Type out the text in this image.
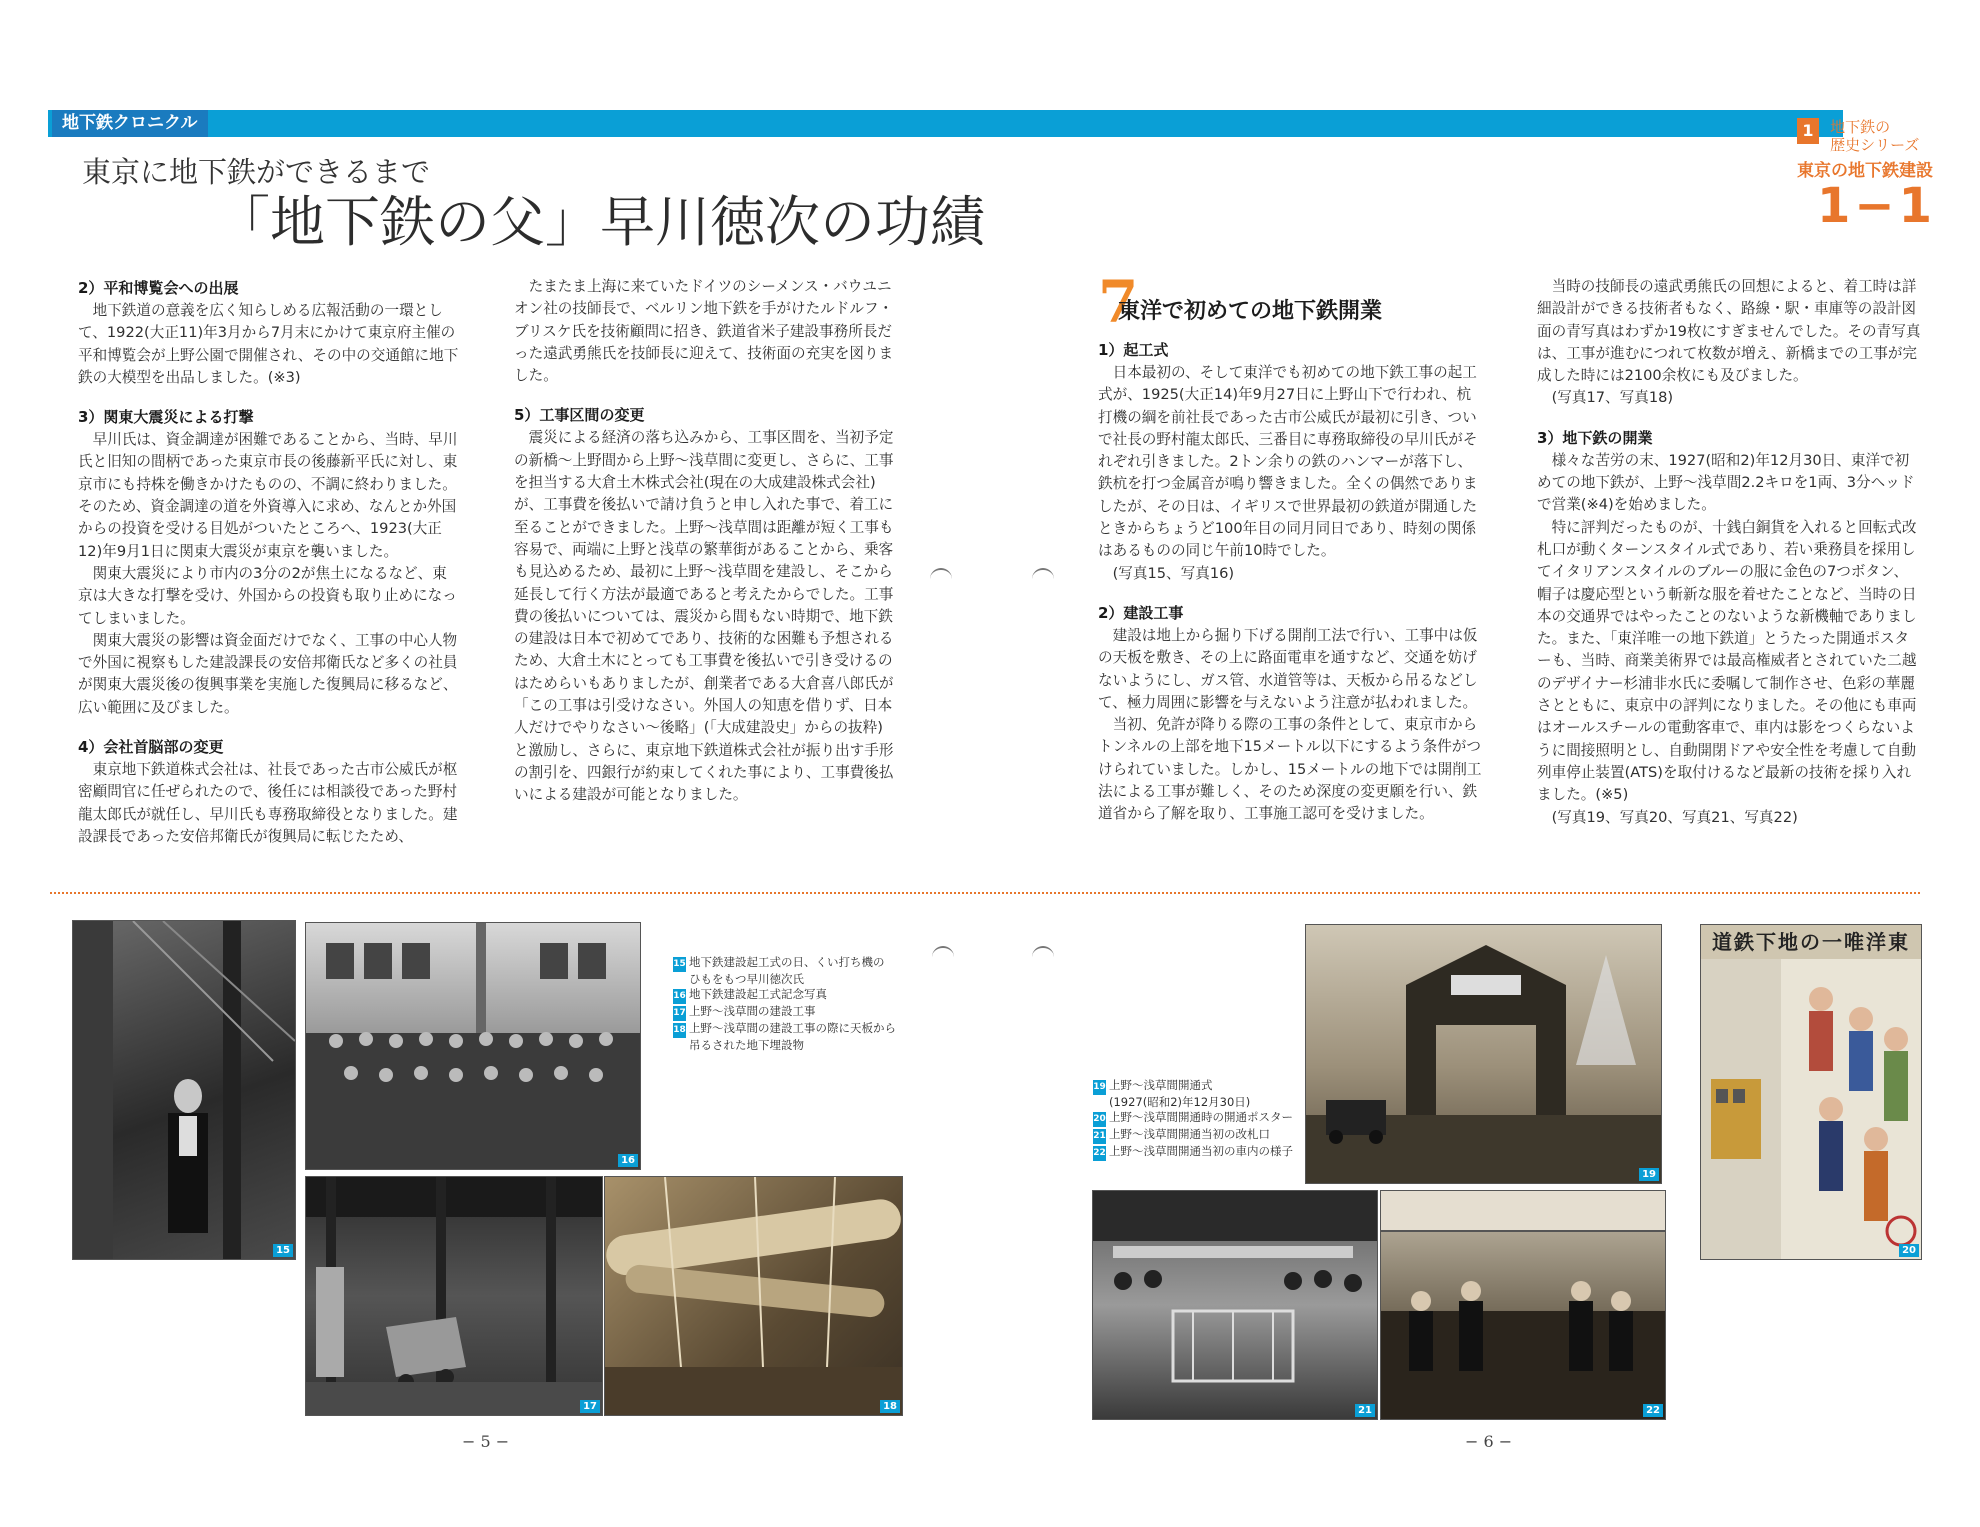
地下鉄クロニクル
東京に地下鉄ができるまで
「地下鉄の父」早川徳次の功績
1 地下鉄の
歴史シリーズ
東京の地下鉄建設
1−1
2）平和博覧会への出展

地下鉄道の意義を広く知らしめる広報活動の一環として、1922(大正11)年3月から7月末にかけて東京府主催の平和博覧会が上野公園で開催され、その中の交通館に地下鉄の大模型を出品しました。(※3)

3）関東大震災による打撃

早川氏は、資金調達が困難であることから、当時、早川氏と旧知の間柄であった東京市長の後藤新平氏に対し、東京市にも持株を働きかけたものの、不調に終わりました。そのため、資金調達の道を外資導入に求め、なんとか外国からの投資を受ける目処がついたところへ、1923(大正12)年9月1日に関東大震災が東京を襲いました。

関東大震災により市内の3分の2が焦土になるなど、東京は大きな打撃を受け、外国からの投資も取り止めになってしまいました。

関東大震災の影響は資金面だけでなく、工事の中心人物で外国に視察もした建設課長の安倍邦衛氏など多くの社員が関東大震災後の復興事業を実施した復興局に移るなど、広い範囲に及びました。

4）会社首脳部の変更

東京地下鉄道株式会社は、社長であった古市公威氏が枢密顧問官に任ぜられたので、後任には相談役であった野村龍太郎氏が就任し、早川氏も専務取締役となりました。建設課長であった安倍邦衛氏が復興局に転じたため、

たまたま上海に来ていたドイツのシーメンス・バウユニオン社の技師長で、ベルリン地下鉄を手がけたルドルフ・ブリスケ氏を技術顧問に招き、鉄道省米子建設事務所長だった遠武勇熊氏を技師長に迎えて、技術面の充実を図りました。

5）工事区間の変更

震災による経済の落ち込みから、工事区間を、当初予定の新橋〜上野間から上野〜浅草間に変更し、さらに、工事を担当する大倉土木株式会社(現在の大成建設株式会社)が、工事費を後払いで請け負うと申し入れた事で、着工に至ることができました。上野〜浅草間は距離が短く工事も容易で、両端に上野と浅草の繁華街があることから、乗客も見込めるため、最初に上野〜浅草間を建設し、そこから延長して行く方法が最適であると考えたからでした。工事費の後払いについては、震災から間もない時期で、地下鉄の建設は日本で初めてであり、技術的な困難も予想されるため、大倉土木にとっても工事費を後払いで引き受けるのはためらいもありましたが、創業者である大倉喜八郎氏が「この工事は引受けなさい。外国人の知恵を借りず、日本人だけでやりなさい〜後略」(「大成建設史」からの抜粋)と激励し、さらに、東京地下鉄道株式会社が振り出す手形の割引を、四銀行が約束してくれた事により、工事費後払いによる建設が可能となりました。

7
東洋で初めての地下鉄開業
1）起工式

日本最初の、そして東洋でも初めての地下鉄工事の起工式が、1925(大正14)年9月27日に上野山下で行われ、杭打機の綱を前社長であった古市公威氏が最初に引き、ついで社長の野村龍太郎氏、三番目に専務取締役の早川氏がそれぞれ引きました。2トン余りの鉄のハンマーが落下し、鉄杭を打つ金属音が鳴り響きました。全くの偶然でありましたが、その日は、イギリスで世界最初の鉄道が開通したときからちょうど100年目の同月同日であり、時刻の関係はあるものの同じ午前10時でした。

(写真15、写真16)

2）建設工事

建設は地上から掘り下げる開削工法で行い、工事中は仮の天板を敷き、その上に路面電車を通すなど、交通を妨げないようにし、ガス管、水道管等は、天板から吊るなどして、極力周囲に影響を与えないよう注意が払われました。

当初、免許が降りる際の工事の条件として、東京市からトンネルの上部を地下15メートル以下にするよう条件がつけられていました。しかし、15メートルの地下では開削工法による工事が難しく、そのため深度の変更願を行い、鉄道省から了解を取り、工事施工認可を受けました。

当時の技師長の遠武勇熊氏の回想によると、着工時は詳細設計ができる技術者もなく、路線・駅・車庫等の設計図面の青写真はわずか19枚にすぎませんでした。その青写真は、工事が進むにつれて枚数が増え、新橋までの工事が完成した時には2100余枚にも及びました。

(写真17、写真18)

3）地下鉄の開業

様々な苦労の末、1927(昭和2)年12月30日、東洋で初めての地下鉄が、上野〜浅草間2.2キロを1両、3分ヘッドで営業(※4)を始めました。

特に評判だったものが、十銭白銅貨を入れると回転式改札口が動くターンスタイル式であり、若い乗務員を採用してイタリアンスタイルのブルーの服に金色の7つボタン、帽子は慶応型という斬新な服を着せたことなど、当時の日本の交通界ではやったことのないような新機軸でありました。また、「東洋唯一の地下鉄道」とうたった開通ポスターも、当時、商業美術界では最高権威者とされていた二越のデザイナー杉浦非水氏に委嘱して制作させ、色彩の華麗さとともに、東京中の評判になりました。その他にも車両はオールスチールの電動客車で、車内は影をつくらないように間接照明とし、自動開閉ドアや安全性を考慮して自動列車停止装置(ATS)を取付けるなど最新の技術を採り入れました。(※5)

(写真19、写真20、写真21、写真22)

15
16
17	18
15 地下鉄建設起工式の日、くい打ち機の
ひもをもつ早川徳次氏
16 地下鉄建設起工式記念写真
17 上野〜浅草間の建設工事
18 上野〜浅草間の建設工事の際に天板から
吊るされた地下埋設物
19
道鉄下地の一唯洋東
20
21	22
19 上野〜浅草間開通式
(1927(昭和2)年12月30日)
20 上野〜浅草間開通時の開通ポスター
21 上野〜浅草間開通当初の改札口
22 上野〜浅草間開通当初の車内の様子
− 5 −	− 6 −
